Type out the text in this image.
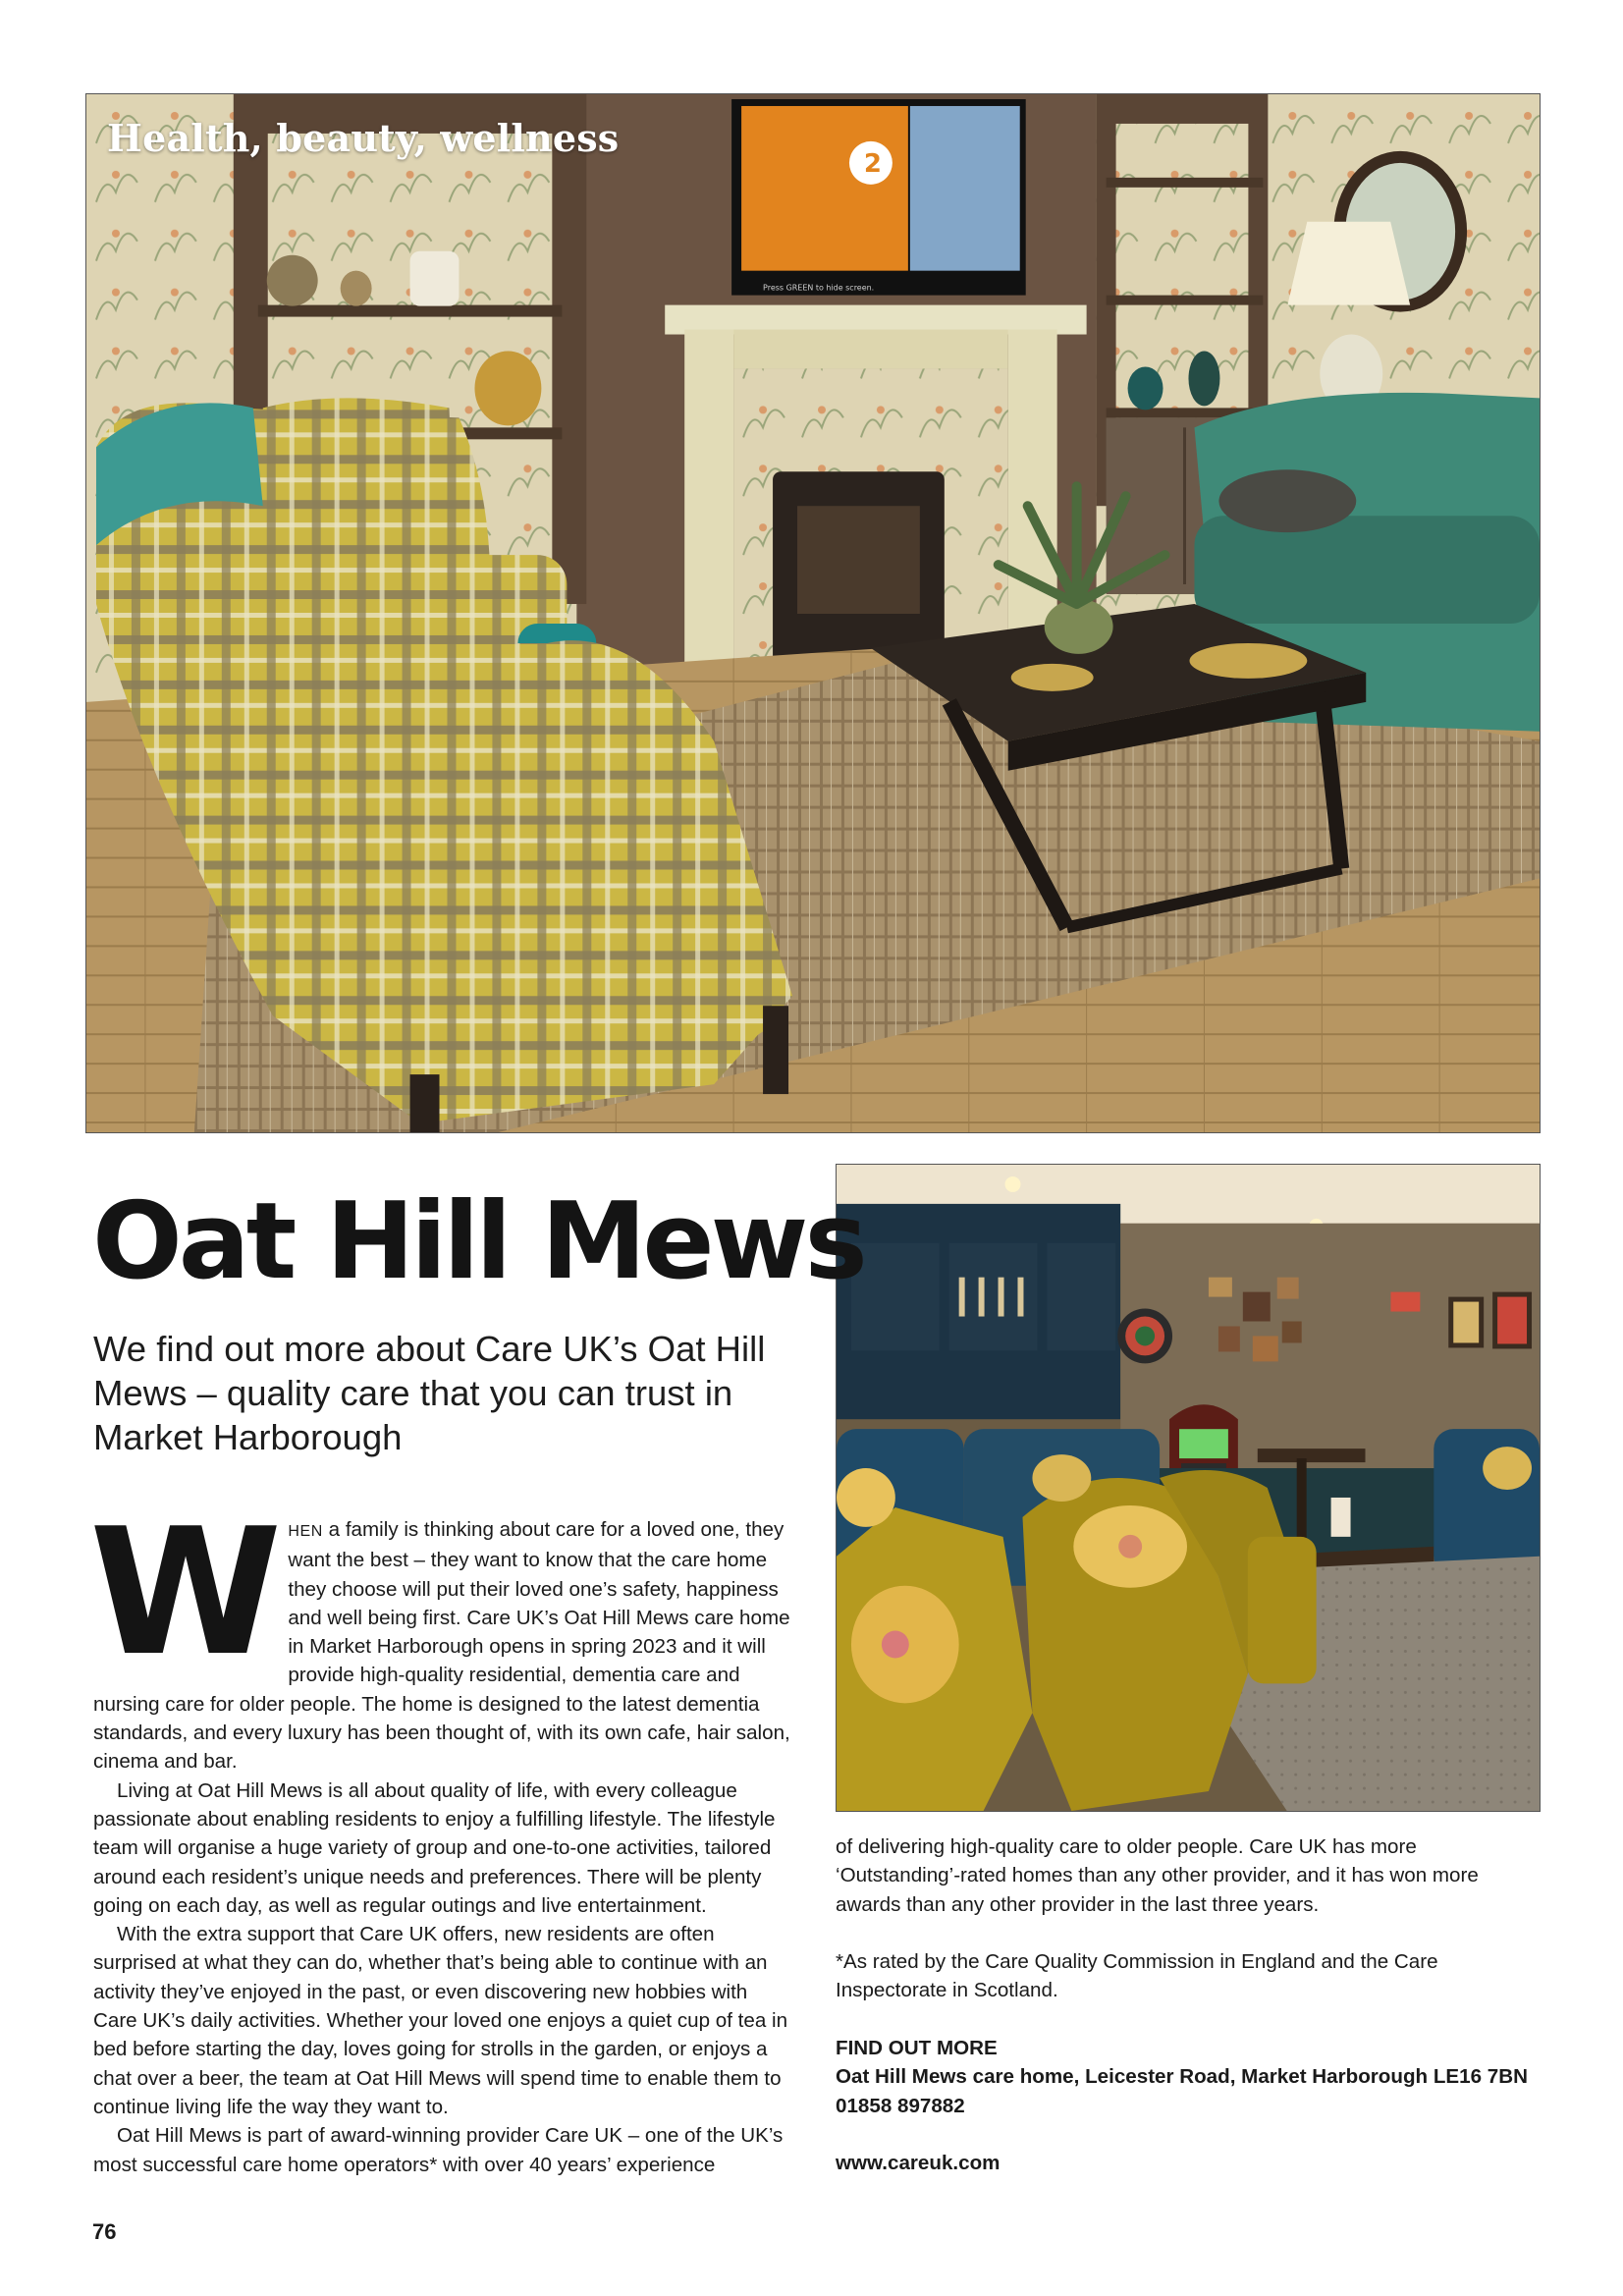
2
Press GREEN to hide screen.
Health, beauty, wellness
Oat Hill Mews

We find out more about Care UK’s Oat Hill Mews – quality care that you can trust in Market Harborough

WHEN a family is thinking about care for a loved one, they want the best – they want to know that the care home they choose will put their loved one’s safety, happiness and well being first. Care UK’s Oat Hill Mews care home in Market Harborough opens in spring 2023 and it will provide high-quality residential, dementia care and nursing care for older people. The home is designed to the latest dementia standards, and every luxury has been thought of, with its own cafe, hair salon, cinema and bar.

Living at Oat Hill Mews is all about quality of life, with every colleague passionate about enabling residents to enjoy a fulfilling lifestyle. The lifestyle team will organise a huge variety of group and one-to-one activities, tailored around each resident’s unique needs and preferences. There will be plenty going on each day, as well as regular outings and live entertainment.

With the extra support that Care UK offers, new residents are often surprised at what they can do, whether that’s being able to continue with an activity they’ve enjoyed in the past, or even discovering new hobbies with Care UK’s daily activities. Whether your loved one enjoys a quiet cup of tea in bed before starting the day, loves going for strolls in the garden, or enjoys a chat over a beer, the team at Oat Hill Mews will spend time to enable them to continue living life the way they want to.

Oat Hill Mews is part of award-winning provider Care UK – one of the UK’s most successful care home operators* with over 40 years’ experience

of delivering high-quality care to older people. Care UK has more ‘Outstanding’-rated homes than any other provider, and it has won more awards than any other provider in the last three years.

*As rated by the Care Quality Commission in England and the Care Inspectorate in Scotland.

FIND OUT MORE
Oat Hill Mews care home, Leicester Road, Market Harborough LE16 7BN
01858 897882
www.careuk.com
76
